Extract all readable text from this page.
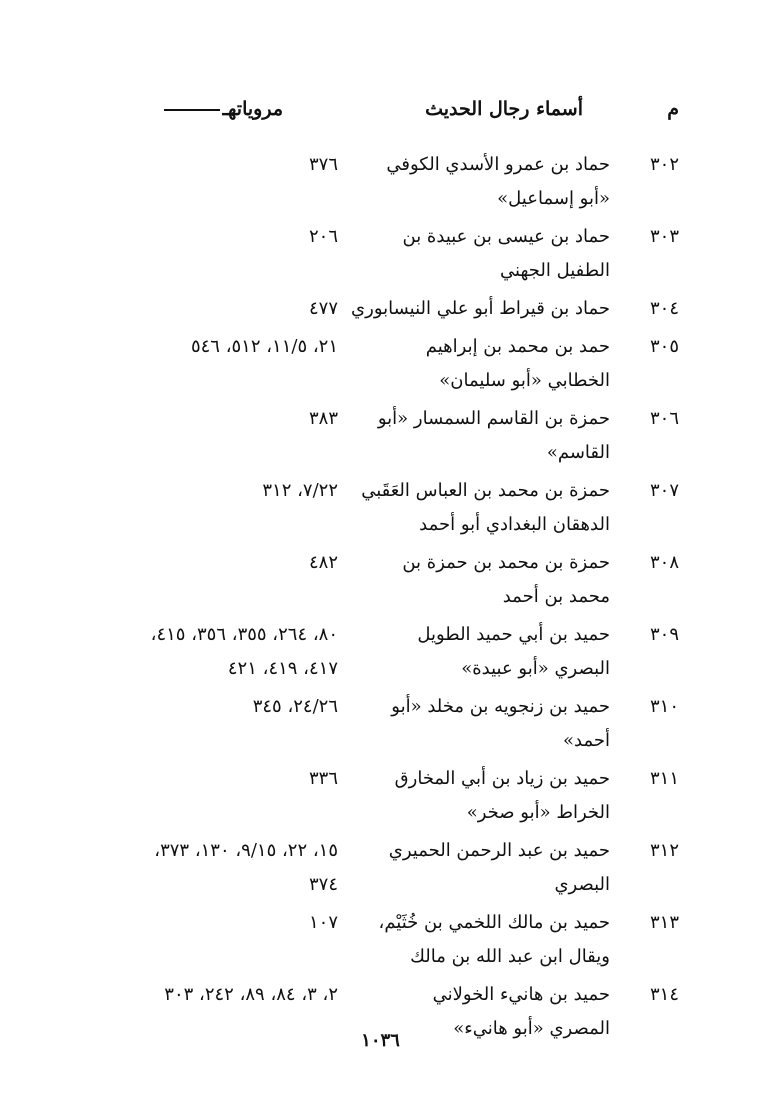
م
أسماء رجال الحديث
مروياتهـ
٣٠٢
حماد بن عمرو الأسدي الكوفي
«أبو إسماعيل»
٣٧٦
٣٠٣
حماد بن عيسى بن عبيدة بن
الطفيل الجهني
٢٠٦
٣٠٤
حماد بن قيراط أبو علي النيسابوري
٤٧٧
٣٠٥
حمد بن محمد بن إبراهيم
الخطابي «أبو سليمان»
٢١، ١١/٥، ٥١٢، ٥٤٦
٣٠٦
حمزة بن القاسم السمسار «أبو
القاسم»
٣٨٣
٣٠٧
حمزة بن محمد بن العباس العَقَبي
الدهقان البغدادي أبو أحمد
٧/٢٢، ٣١٢
٣٠٨
حمزة بن محمد بن حمزة بن
محمد بن أحمد
٤٨٢
٣٠٩
حميد بن أبي حميد الطويل
البصري «أبو عبيدة»
٨٠، ٢٦٤، ٣٥٥، ٣٥٦، ٤١٥،
٤١٧، ٤١٩، ٤٢١
٣١٠
حميد بن زنجويه بن مخلد «أبو
أحمد»
٢٤/٢٦، ٣٤٥
٣١١
حميد بن زياد بن أبي المخارق
الخراط «أبو صخر»
٣٣٦
٣١٢
حميد بن عبد الرحمن الحميري
البصري
١٥، ٢٢، ٩/١٥، ١٣٠، ٣٧٣،
٣٧٤
٣١٣
حميد بن مالك اللخمي بن خُثَيْم،
ويقال ابن عبد الله بن مالك
١٠٧
٣١٤
حميد بن هانيء الخولاني
المصري «أبو هانيء»
٢، ٣، ٨٤، ٨٩، ٢٤٢، ٣٠٣
١٠٣٦
